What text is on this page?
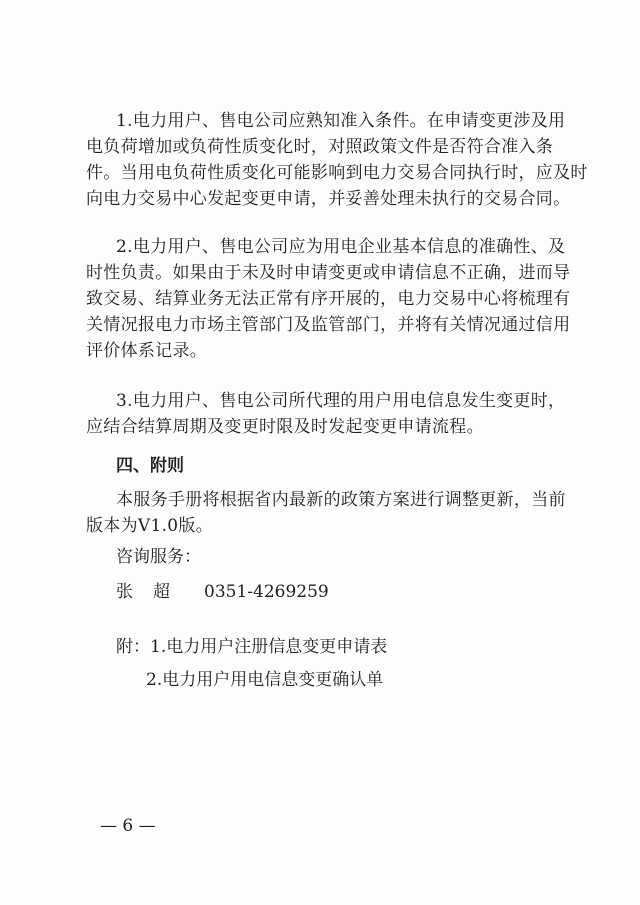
1.电力用户、售电公司应熟知准入条件。在申请变更涉及用
电负荷增加或负荷性质变化时，对照政策文件是否符合准入条
件。当用电负荷性质变化可能影响到电力交易合同执行时，应及时
向电力交易中心发起变更申请，并妥善处理未执行的交易合同。
2.电力用户、售电公司应为用电企业基本信息的准确性、及
时性负责。如果由于未及时申请变更或申请信息不正确，进而导
致交易、结算业务无法正常有序开展的，电力交易中心将梳理有
关情况报电力市场主管部门及监管部门，并将有关情况通过信用
评价体系记录。
3.电力用户、售电公司所代理的用户用电信息发生变更时，
应结合结算周期及变更时限及时发起变更申请流程。
四、附则
本服务手册将根据省内最新的政策方案进行调整更新，当前
版本为V1.0版。
咨询服务：
张超 0351-4269259
附：1.电力用户注册信息变更申请表
2.电力用户用电信息变更确认单
— 6 —
